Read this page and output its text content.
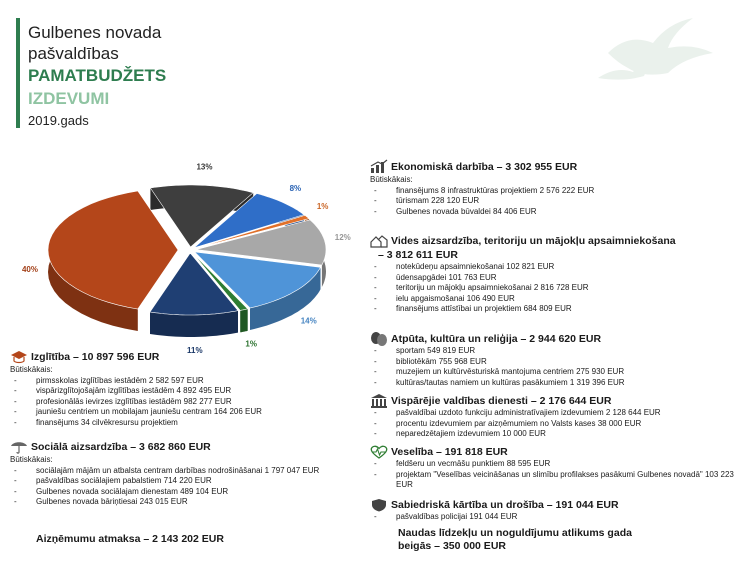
Gulbenes novada
pašvaldības
PAMATBUDŽETS
IZDEVUMI
2019.gads
40%
13%
8%
1%
12%
14%
1%
11%
Ekonomiskā darbība – 3 302 955 EUR
Būtiskākais:
- finansējums 8 infrastruktūras projektiem 2 576 222 EUR
- tūrismam 228 120 EUR
- Gulbenes novada būvaldei 84 406 EUR
Vides aizsardzība, teritoriju un mājokļu apsaimniekošana
– 3 812 611 EUR
- notekūdeņu apsaimniekošanai 102 821 EUR
- ūdensapgādei 101 763 EUR
- teritoriju un mājokļu apsaimniekošanai 2 816 728 EUR
- ielu apgaismošanai 106 490 EUR
- finansējums attīstībai un projektiem 684 809 EUR
Atpūta, kultūra un reliģija – 2 944 620 EUR
- sportam 549 819 EUR
- bibliotēkām 755 968 EUR
- muzejiem un kultūrvēsturiskā mantojuma centriem 275 930 EUR
- kultūras/tautas namiem un kultūras pasākumiem 1 319 396 EUR
Vispārējie valdības dienesti – 2 176 644 EUR
- pašvaldībai uzdoto funkciju administratīvajiem izdevumiem 2 128 644 EUR
- procentu izdevumiem par aizņēmumiem no Valsts kases 38 000 EUR
- neparedzētajiem izdevumiem 10 000 EUR
Veselība – 191 818 EUR
- feldšeru un vecmāšu punktiem 88 595 EUR
- projektam "Veselības veicināšanas un slimību profilakses pasākumi Gulbenes novadā" 103 223 EUR
Sabiedriskā kārtība un drošība – 191 044 EUR
- pašvaldības policijai 191 044 EUR
Naudas līdzekļu un noguldījumu atlikums gada
beigās – 350 000 EUR
Izglītība – 10 897 596 EUR
Būtiskākais:
- pirmsskolas izglītības iestādēm 2 582 597 EUR
- vispārizglītojošajām izglītības iestādēm 4 892 495 EUR
- profesionālās ievirzes izglītības iestādēm 982 277 EUR
- jauniešu centriem un mobilajam jauniešu centram 164 206 EUR
- finansējums 34 cilvēkresursu projektiem
Sociālā aizsardzība – 3 682 860 EUR
Būtiskākais:
- sociālajām mājām un atbalsta centram darbības nodrošināšanai 1 797 047 EUR
- pašvaldības sociālajiem pabalstiem 714 220 EUR
- Gulbenes novada sociālajam dienestam 489 104 EUR
- Gulbenes novada bāriņtiesai 243 015 EUR
Aizņēmumu atmaksa – 2 143 202 EUR
